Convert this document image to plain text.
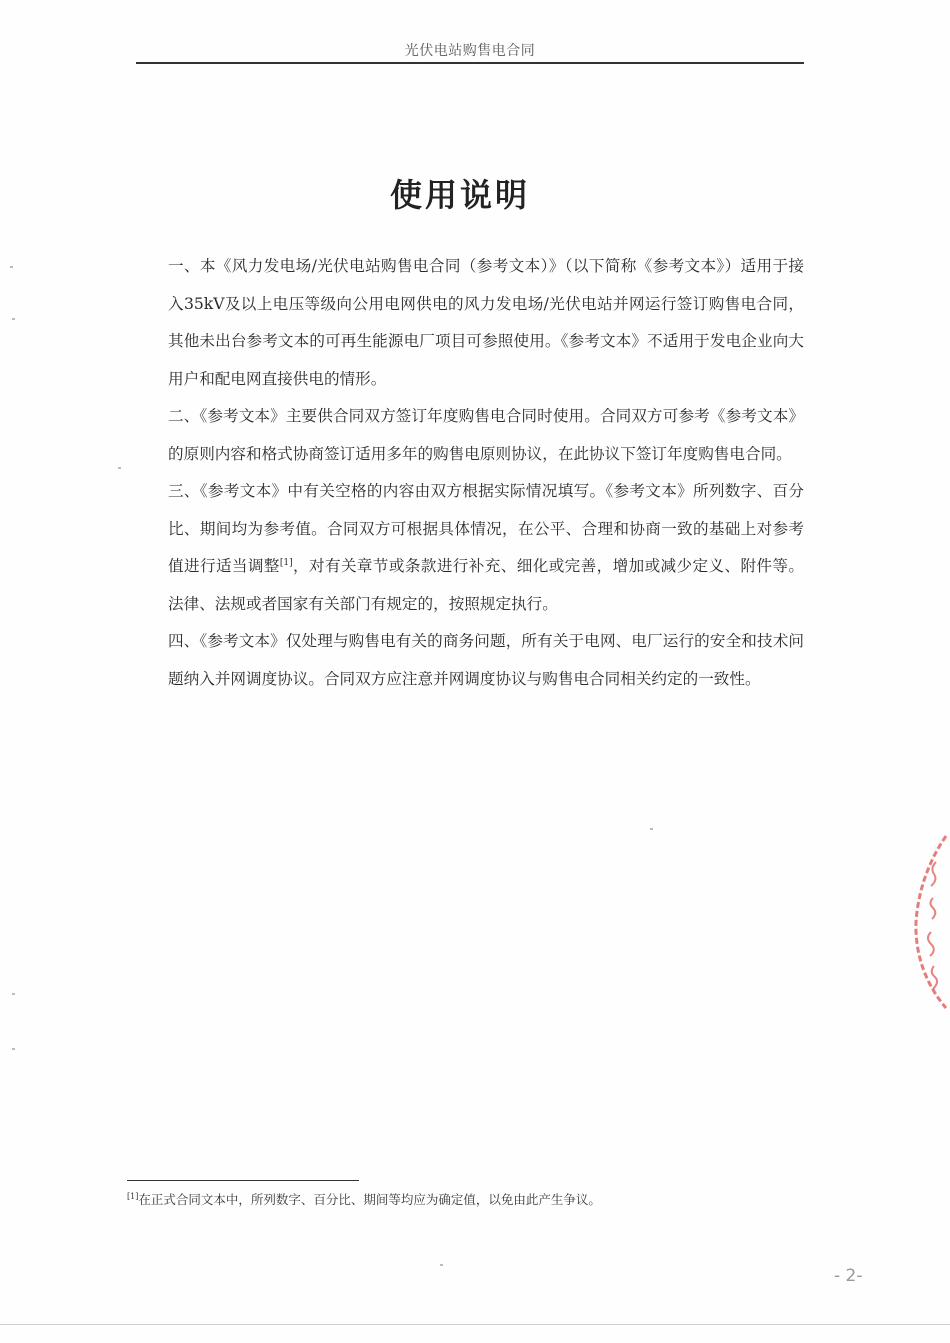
光伏电站购售电合同
使用说明

一、本《风力发电场/光伏电站购售电合同（参考文本）》（以下简称《参考文本》）适用于接入35kV及以上电压等级向公用电网供电的风力发电场/光伏电站并网运行签订购售电合同，其他未出台参考文本的可再生能源电厂项目可参照使用。《参考文本》不适用于发电企业向大用户和配电网直接供电的情形。

二、《参考文本》主要供合同双方签订年度购售电合同时使用。合同双方可参考《参考文本》的原则内容和格式协商签订适用多年的购售电原则协议，在此协议下签订年度购售电合同。

三、《参考文本》中有关空格的内容由双方根据实际情况填写。《参考文本》所列数字、百分比、期间均为参考值。合同双方可根据具体情况，在公平、合理和协商一致的基础上对参考值进行适当调整[1]，对有关章节或条款进行补充、细化或完善，增加或减少定义、附件等。法律、法规或者国家有关部门有规定的，按照规定执行。

四、《参考文本》仅处理与购售电有关的商务问题，所有关于电网、电厂运行的安全和技术问题纳入并网调度协议。合同双方应注意并网调度协议与购售电合同相关约定的一致性。

[1]在正式合同文本中，所列数字、百分比、期间等均应为确定值，以免由此产生争议。
- 2-
